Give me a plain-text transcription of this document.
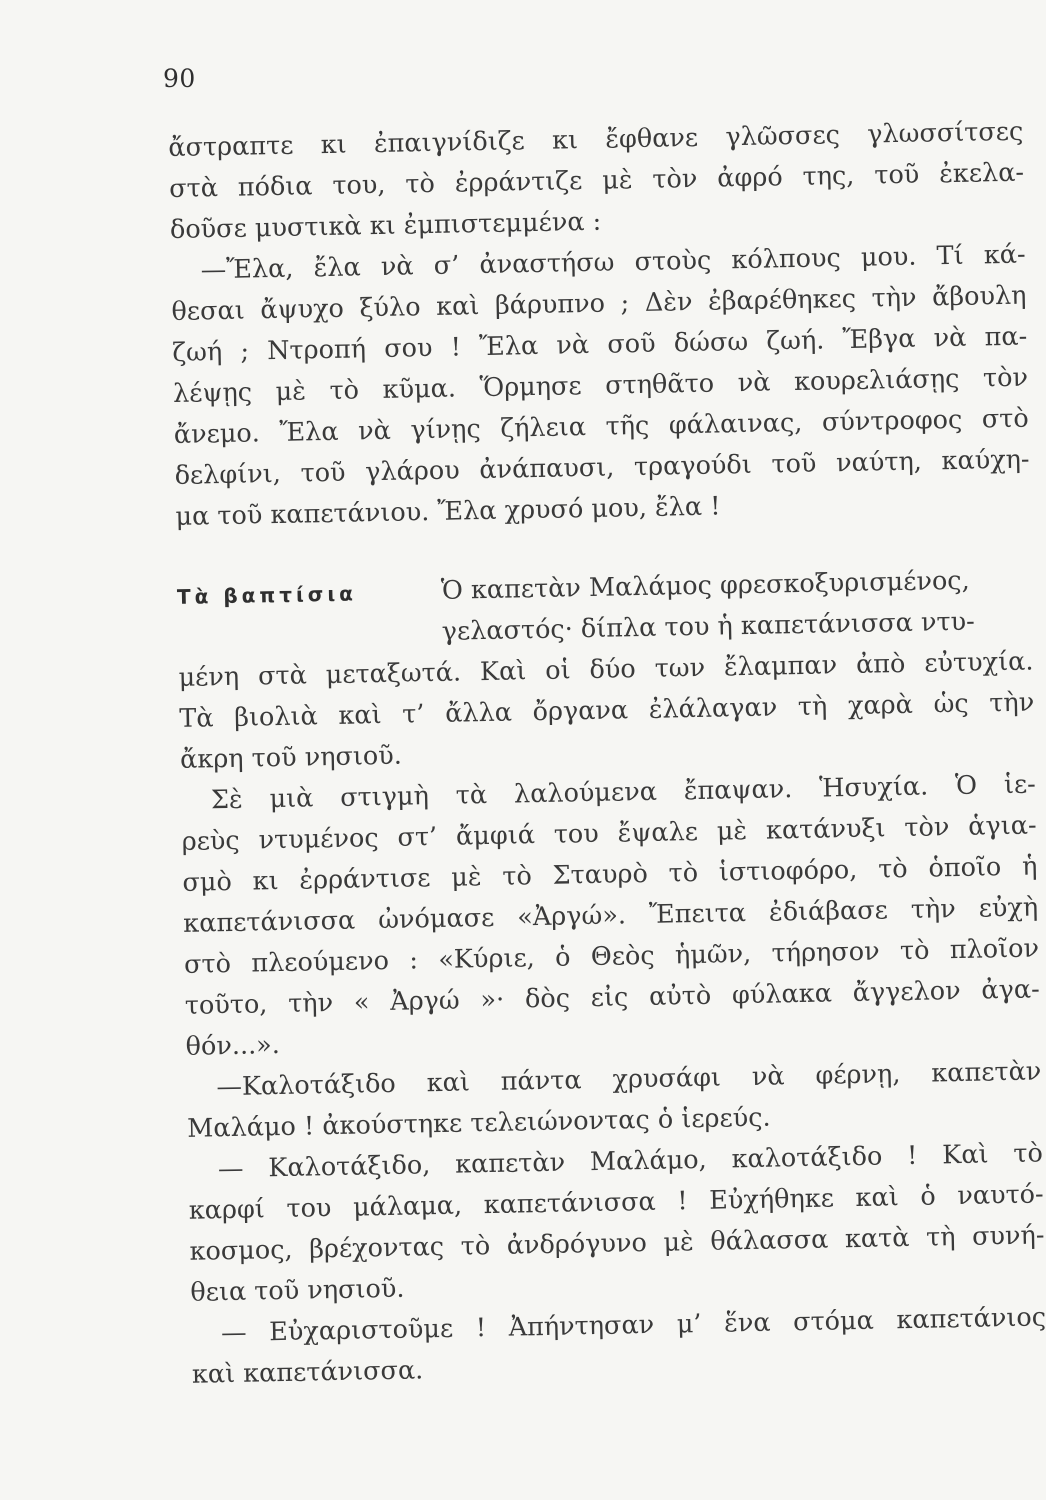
90
ἄστραπτε κι ἐπαιγνίδιζε κι ἔφθανε γλῶσσες γλωσσίτσες
στὰ πόδια του, τὸ ἐρράντιζε μὲ τὸν ἀφρό της, τοῦ ἐκελα-
δοῦσε μυστικὰ κι ἐμπιστεμμένα :
—Ἔλα, ἔλα νὰ σ’ ἀναστήσω στοὺς κόλπους μου. Τί κά-
θεσαι ἄψυχο ξύλο καὶ βάρυπνο ; Δὲν ἐβαρέθηκες τὴν ἄβουλη
ζωή ; Ντροπή σου ! Ἔλα νὰ σοῦ δώσω ζωή. Ἔβγα νὰ πα-
λέψῃς μὲ τὸ κῦμα. Ὅρμησε στηθᾶτο νὰ κουρελιάσῃς τὸν
ἄνεμο. Ἔλα νὰ γίνῃς ζήλεια τῆς φάλαινας, σύντροφος στὸ
δελφίνι, τοῦ γλάρου ἀνάπαυσι, τραγούδι τοῦ ναύτη, καύχη-
μα τοῦ καπετάνιου. Ἔλα χρυσό μου, ἔλα !
Τὰ βαπτίσια	Ὁ καπετὰν Μαλάμος φρεσκοξυρισμένος,
γελαστός· δίπλα του ἡ καπετάνισσα ντυ-
μένη στὰ μεταξωτά. Καὶ οἱ δύο των ἔλαμπαν ἀπὸ εὐτυχία.
Τὰ βιολιὰ καὶ τ’ ἄλλα ὄργανα ἐλάλαγαν τὴ χαρὰ ὡς τὴν
ἄκρη τοῦ νησιοῦ.
Σὲ μιὰ στιγμὴ τὰ λαλούμενα ἔπαψαν. Ἡσυχία. Ὁ ἱε-
ρεὺς ντυμένος στ’ ἄμφιά του ἔψαλε μὲ κατάνυξι τὸν ἁγια-
σμὸ κι ἐρράντισε μὲ τὸ Σταυρὸ τὸ ἱστιοφόρο, τὸ ὁποῖο ἡ
καπετάνισσα ὠνόμασε «Ἀργώ». Ἔπειτα ἐδιάβασε τὴν εὐχὴ
στὸ πλεούμενο : «Κύριε, ὁ Θεὸς ἡμῶν, τήρησον τὸ πλοῖον
τοῦτο, τὴν « Ἀργώ »· δὸς εἰς αὐτὸ φύλακα ἄγγελον ἀγα-
θόν...».
—Καλοτάξιδο καὶ πάντα χρυσάφι νὰ φέρνῃ, καπετὰν
Μαλάμο ! ἀκούστηκε τελειώνοντας ὁ ἱερεύς.
— Καλοτάξιδο, καπετὰν Μαλάμο, καλοτάξιδο ! Καὶ τὸ
καρφί του μάλαμα, καπετάνισσα ! Εὐχήθηκε καὶ ὁ ναυτό-
κοσμος, βρέχοντας τὸ ἀνδρόγυνο μὲ θάλασσα κατὰ τὴ συνή-
θεια τοῦ νησιοῦ.
— Εὐχαριστοῦμε ! Ἀπήντησαν μ’ ἕνα στόμα καπετάνιος
καὶ καπετάνισσα.
